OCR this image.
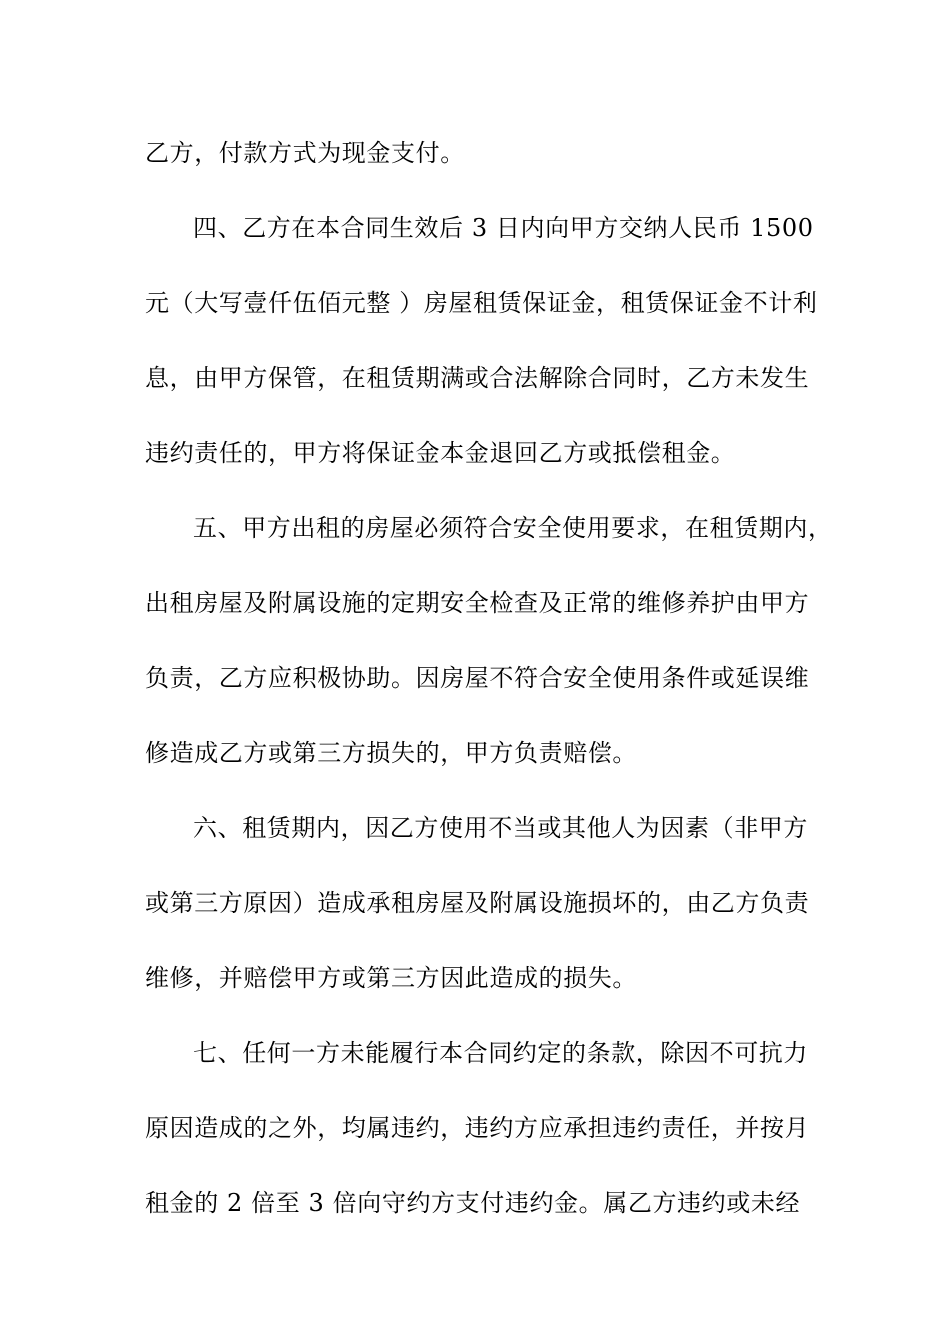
乙方，付款方式为现金支付。
四、乙方在本合同生效后 3 日内向甲方交纳人民币 1500
元（大写壹仟伍佰元整 ）房屋租赁保证金，租赁保证金不计利
息，由甲方保管，在租赁期满或合法解除合同时，乙方未发生
违约责任的，甲方将保证金本金退回乙方或抵偿租金。
五、甲方出租的房屋必须符合安全使用要求，在租赁期内，
出租房屋及附属设施的定期安全检查及正常的维修养护由甲方
负责，乙方应积极协助。因房屋不符合安全使用条件或延误维
修造成乙方或第三方损失的，甲方负责赔偿。
六、租赁期内，因乙方使用不当或其他人为因素（非甲方
或第三方原因）造成承租房屋及附属设施损坏的，由乙方负责
维修，并赔偿甲方或第三方因此造成的损失。
七、任何一方未能履行本合同约定的条款，除因不可抗力
原因造成的之外，均属违约，违约方应承担违约责任，并按月
租金的 2 倍至 3 倍向守约方支付违约金。属乙方违约或未经
